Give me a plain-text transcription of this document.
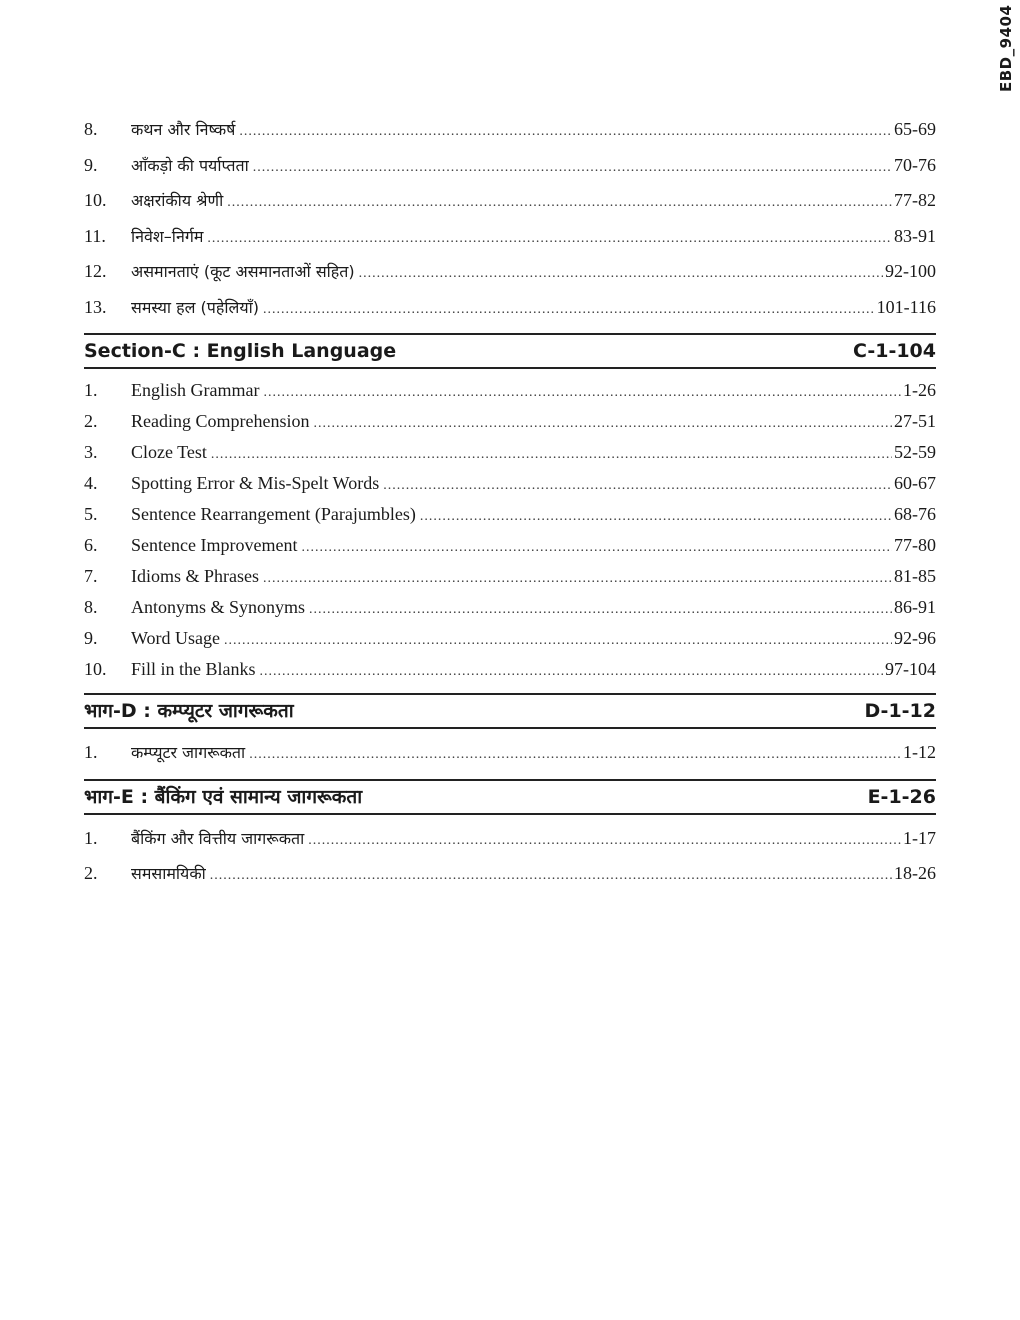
EBD_9404
8.	कथन और निष्कर्ष .....	65-69
9.	आँकड़ो की पर्याप्तता .....	70-76
10.	अक्षरांकीय श्रेणी .....	77-82
11.	निवेश–निर्गम .....	83-91
12.	असमानताएं (कूट असमानताओं सहित) .....	92-100
13.	समस्या हल (पहेलियाँ) .....	101-116
Section-C : English Language	C-1-104
1.	English Grammar .....	1-26
2.	Reading Comprehension .....	27-51
3.	Cloze Test .....	52-59
4.	Spotting Error & Mis-Spelt Words .....	60-67
5.	Sentence Rearrangement (Parajumbles) .....	68-76
6.	Sentence Improvement .....	77-80
7.	Idioms & Phrases .....	81-85
8.	Antonyms & Synonyms .....	86-91
9.	Word Usage .....	92-96
10.	Fill in the Blanks .....	97-104
भाग-D : कम्प्यूटर जागरूकता	D-1-12
1.	कम्प्यूटर जागरूकता .....	1-12
भाग-E : बैंकिंग एवं सामान्य जागरूकता	E-1-26
1.	बैंकिंग और वित्तीय जागरूकता .....	1-17
2.	समसामयिकी .....	18-26
